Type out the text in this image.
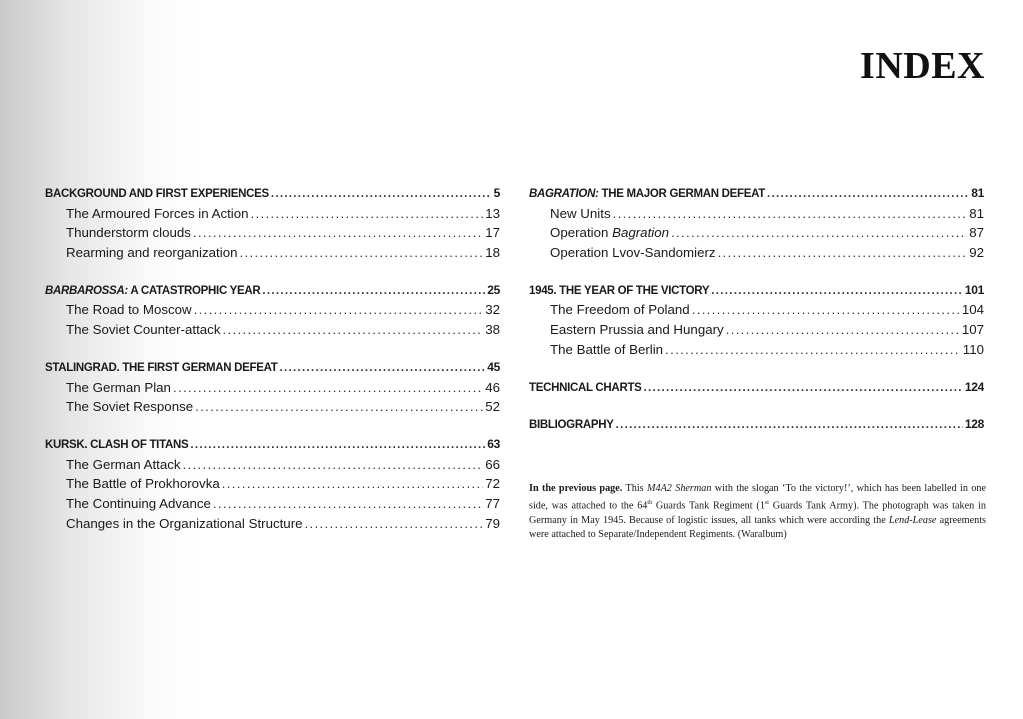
INDEX
BACKGROUND AND FIRST EXPERIENCES .....	5
The Armoured Forces in Action .....	13
Thunderstorm clouds .....	17
Rearming and reorganization .....	18
BARBAROSSA: A CATASTROPHIC YEAR .....	25
The Road to Moscow .....	32
The Soviet Counter-attack .....	38
STALINGRAD. THE FIRST GERMAN DEFEAT .....	45
The German Plan .....	46
The Soviet Response .....	52
KURSK. CLASH OF TITANS .....	63
The German Attack .....	66
The Battle of Prokhorovka .....	72
The Continuing Advance .....	77
Changes in the Organizational Structure .....	79
BAGRATION: THE MAJOR GERMAN DEFEAT .....	81
New Units .....	81
Operation Bagration .....	87
Operation Lvov-Sandomierz .....	92
1945. THE YEAR OF THE VICTORY .....	101
The Freedom of Poland .....	104
Eastern Prussia and Hungary .....	107
The Battle of Berlin .....	110
TECHNICAL CHARTS .....	124
BIBLIOGRAPHY .....	128
In the previous page. This M4A2 Sherman with the slogan ‘To the victory!’, which has been labelled in one side, was attached to the 64th Guards Tank Regiment (1st Guards Tank Army). The photograph was taken in Germany in May 1945. Because of logistic issues, all tanks which were according the Lend-Lease agreements were attached to Separate/Independent Regiments. (Waralbum)
